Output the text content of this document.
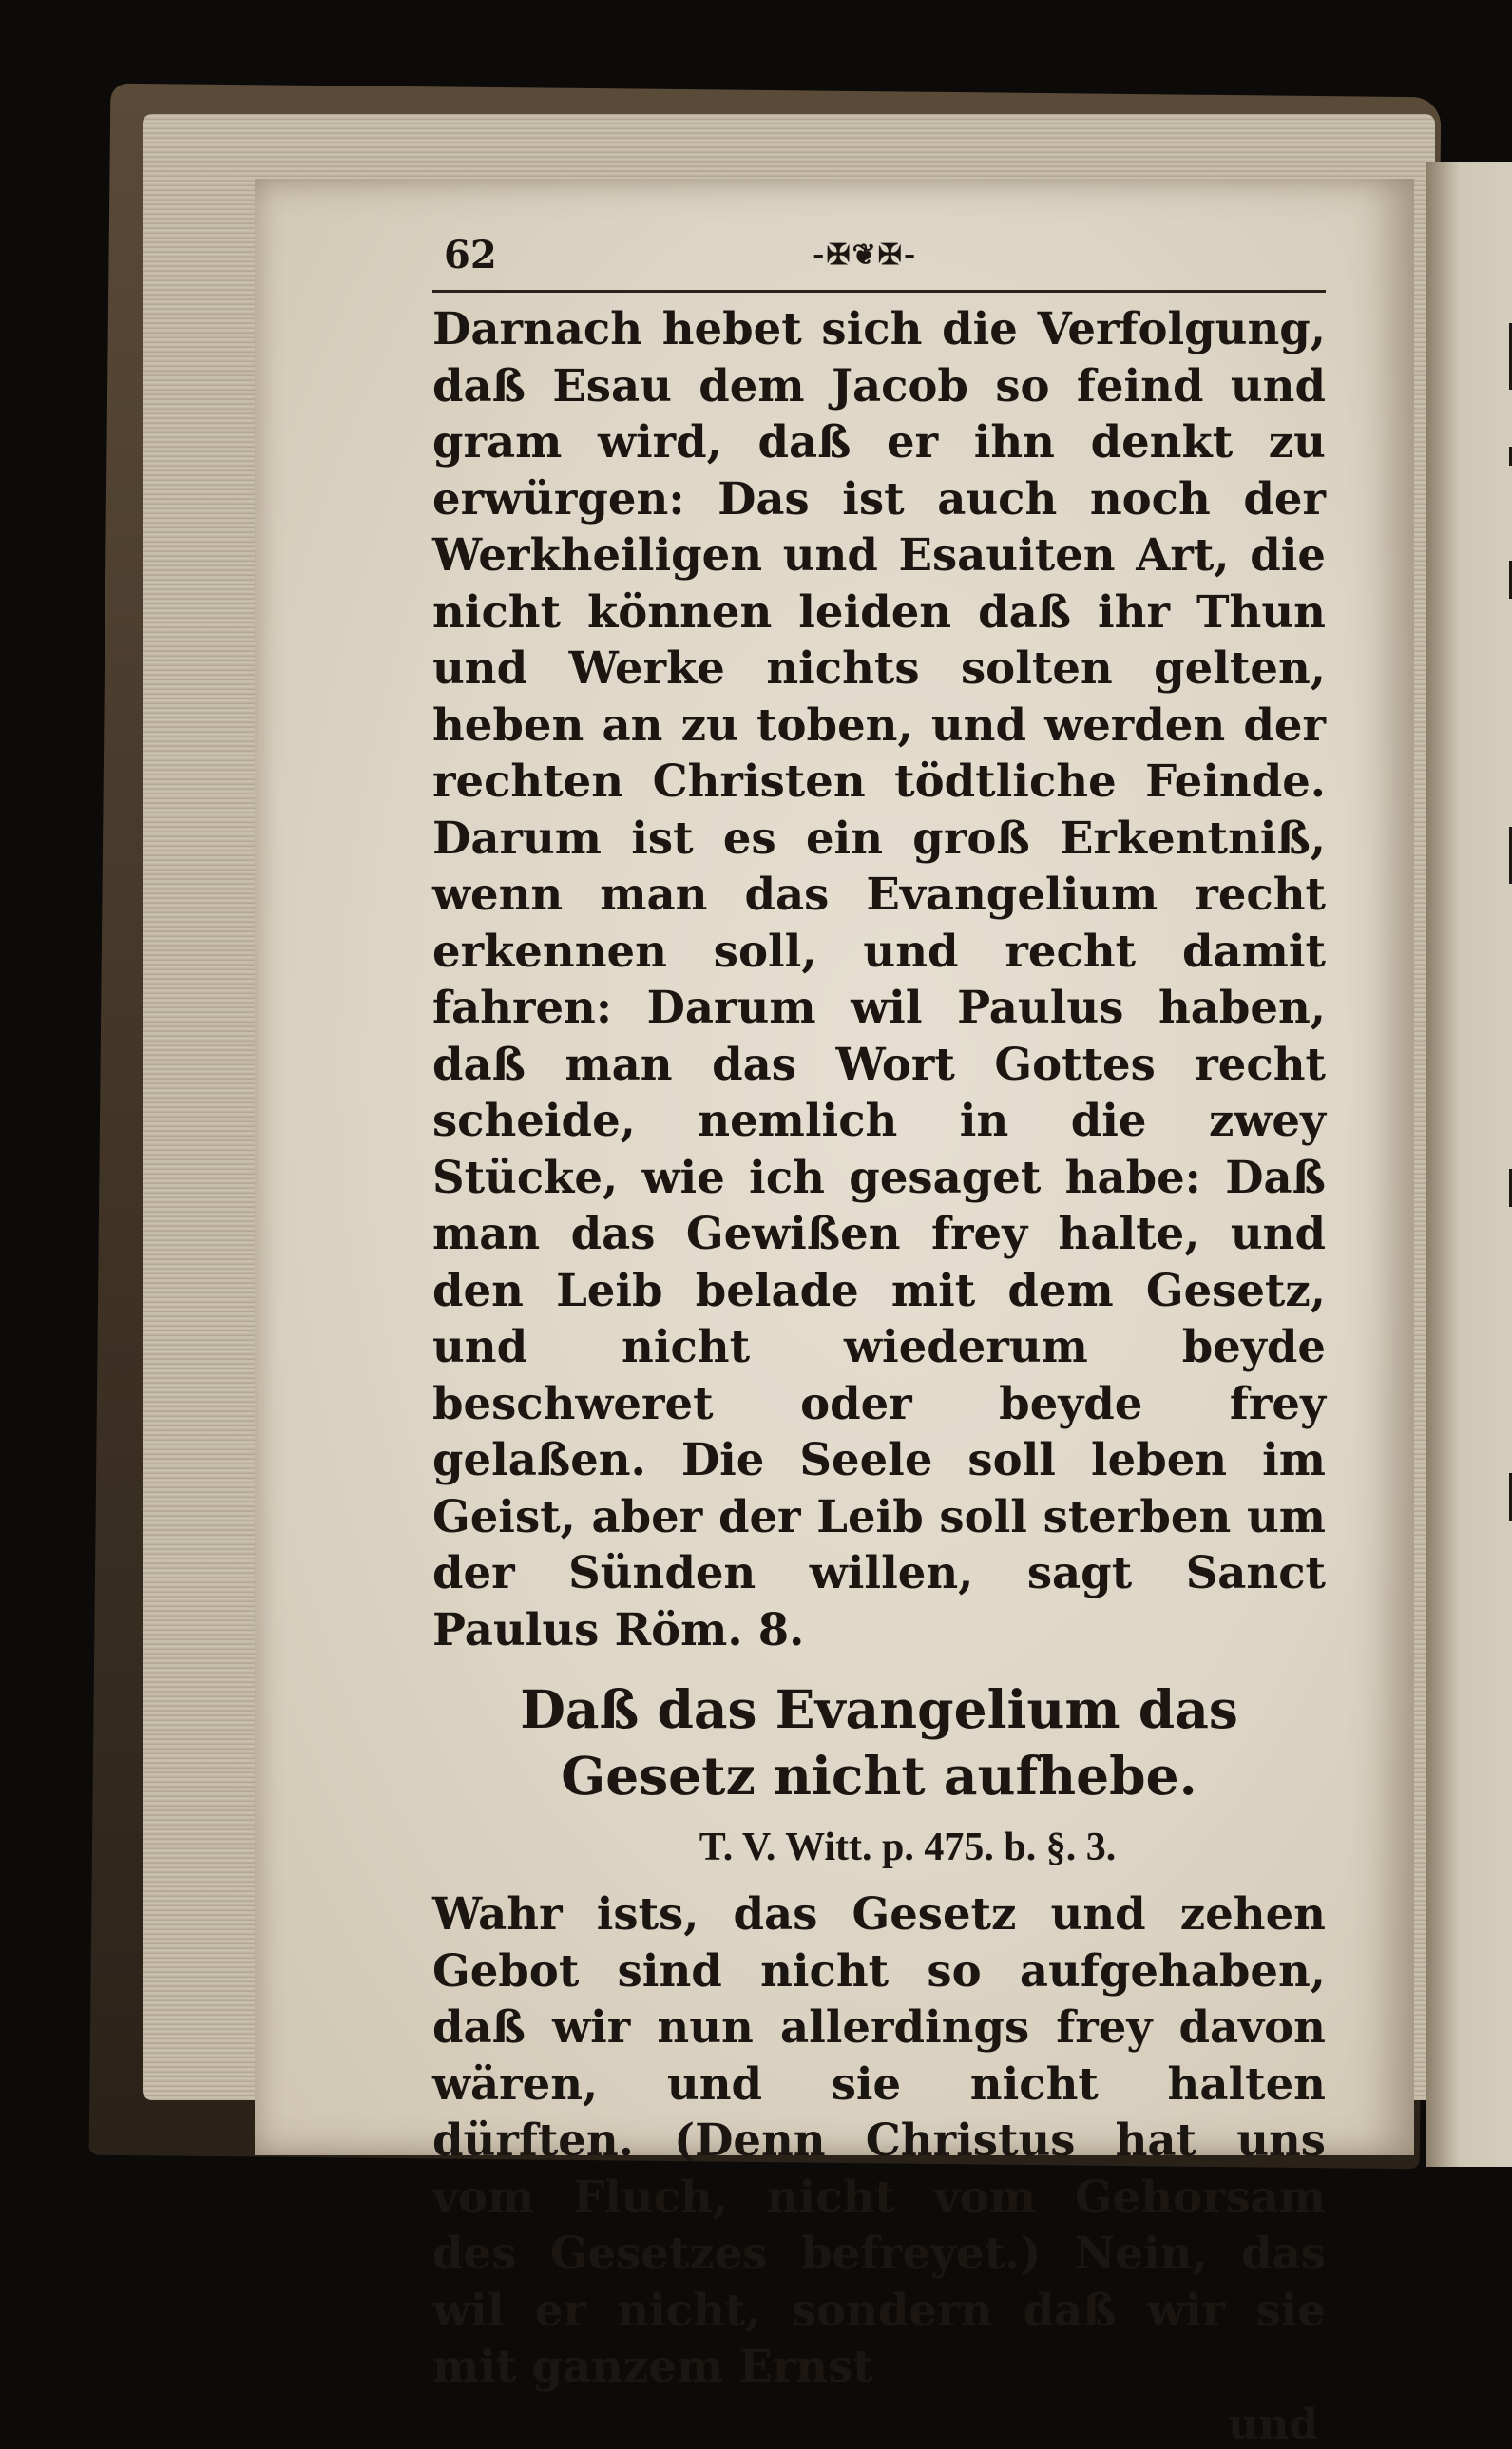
62	-✠❦✠-

Darnach hebet sich die Verfolgung, daß Esau dem Jacob so feind und gram wird, daß er ihn denkt zu erwürgen: Das ist auch noch der Werkheiligen und Esauiten Art, die nicht können leiden daß ihr Thun und Werke nichts solten gelten, heben an zu toben, und werden der rechten Christen tödtliche Feinde. Darum ist es ein groß Erkentniß, wenn man das Evangelium recht erkennen soll, und recht damit fahren: Darum wil Paulus haben, daß man das Wort Gottes recht scheide, nemlich in die zwey Stücke, wie ich gesaget habe: Daß man das Gewißen frey halte, und den Leib belade mit dem Gesetz, und nicht wiederum beyde beschweret oder beyde frey gelaßen. Die Seele soll leben im Geist, aber der Leib soll sterben um der Sünden willen, sagt Sanct Paulus Röm. 8.

Daß das Evangelium das Gesetz nicht aufhebe.
T. V. Witt. p. 475. b. §. 3.

Wahr ists, das Gesetz und zehen Gebot sind nicht so aufgehaben, daß wir nun allerdings frey davon wären, und sie nicht halten dürften. (Denn Christus hat uns vom Fluch, nicht vom Gehorsam des Gesetzes befreyet.) Nein, das wil er nicht, sondern daß wir sie mit ganzem Ernst

und
